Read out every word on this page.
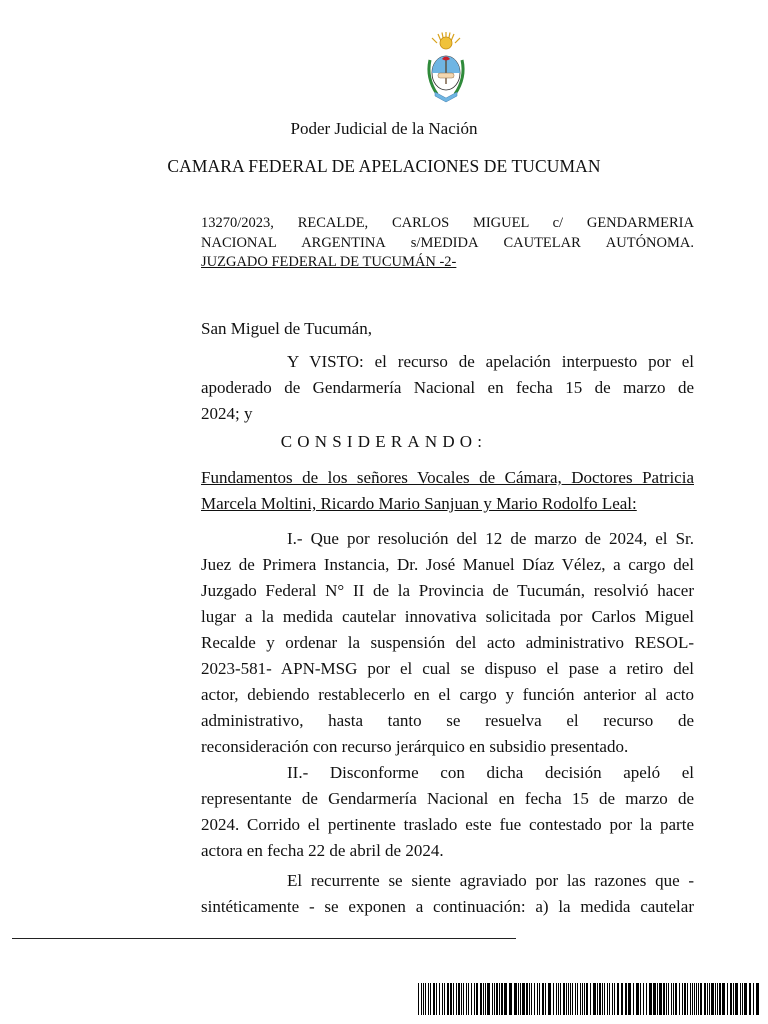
Poder Judicial de la Nación
CAMARA FEDERAL DE APELACIONES DE TUCUMAN
13270/2023, RECALDE, CARLOS MIGUEL c/ GENDARMERIA
NACIONAL ARGENTINA s/MEDIDA CAUTELAR AUTÓNOMA.
JUZGADO FEDERAL DE TUCUMÁN -2-
San Miguel de Tucumán,
Y VISTO: el recurso de apelación interpuesto por el
apoderado de Gendarmería Nacional en fecha 15 de marzo de
2024; y
CONSIDERANDO:
Fundamentos de los señores Vocales de Cámara, Doctores Patricia
Marcela Moltini, Ricardo Mario Sanjuan y Mario Rodolfo Leal:
I.- Que por resolución del 12 de marzo de 2024, el Sr.
Juez de Primera Instancia, Dr. José Manuel Díaz Vélez, a cargo del
Juzgado Federal N° II de la Provincia de Tucumán, resolvió hacer
lugar a la medida cautelar innovativa solicitada por Carlos Miguel
Recalde y ordenar la suspensión del acto administrativo RESOL-
2023-581- APN-MSG por el cual se dispuso el pase a retiro del
actor, debiendo restablecerlo en el cargo y función anterior al acto
administrativo, hasta tanto se resuelva el recurso de
reconsideración con recurso jerárquico en subsidio presentado.
II.- Disconforme con dicha decisión apeló el
representante de Gendarmería Nacional en fecha 15 de marzo de
2024. Corrido el pertinente traslado este fue contestado por la parte
actora en fecha 22 de abril de 2024.
El recurrente se siente agraviado por las razones que -
sintéticamente - se exponen a continuación: a) la medida cautelar
